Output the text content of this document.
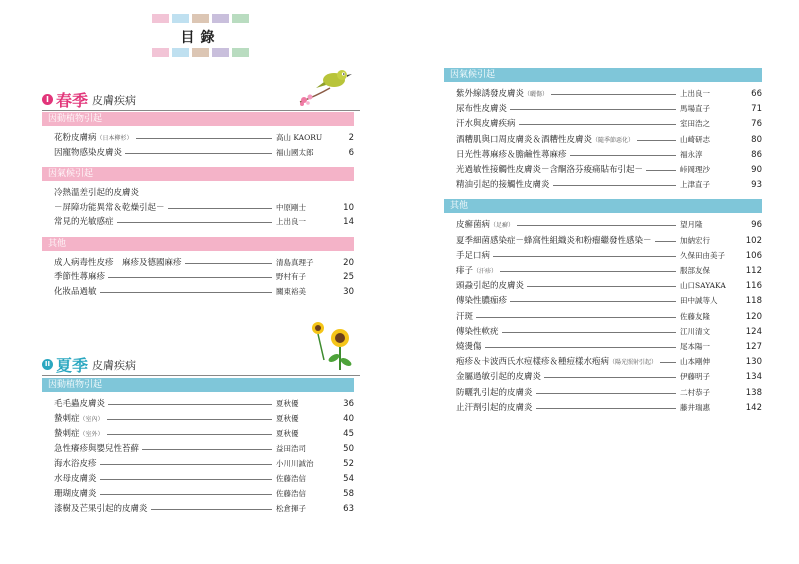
目錄
I 春季 皮膚疾病
II 夏季 皮膚疾病
因動植物引起
花粉皮膚病（日本柳杉）	高山 KAORU	2
因寵物感染皮膚炎	福山國太郎	6
因氣候引起
冷熱溫差引起的皮膚炎
－屏障功能異常＆乾燥引起－	中原剛士	10
常見的光敏感症	上出良一	14
其他
成人病毒性皮疹　麻疹及德國麻疹	清島真理子	20
季節性蕁麻疹	野村有子	25
化妝品過敏	關東裕美	30
因動植物引起
毛毛蟲皮膚炎	夏秋優	36
蟄刺症（室內）	夏秋優	40
蟄刺症（室外）	夏秋優	45
急性癢疹與嬰兒性苔蘚	益田浩司	50
海水浴皮疹	小川川誠治	52
水母皮膚炎	佐藤浩信	54
珊瑚皮膚炎	佐藤浩信	58
漆樹及芒果引起的皮膚炎	松倉揮子	63
因氣候引起
紫外線誘發皮膚炎（曬傷）	上出良一	66
尿布性皮膚炎	馬場直子	71
汗水與皮膚疾病	室田浩之	76
酒糟肌與口周皮膚炎＆酒糟性皮膚炎（隨季節惡化）	山崎研志	80
日光性蕁麻疹＆膽鹼性蕁麻疹	福永淳	86
光過敏性接觸性皮膚炎－含酮洛芬痠痛貼布引起－	峠岡理沙	90
精油引起的接觸性皮膚炎	上津直子	93
其他
皮癬菌病（足癬）	望月隆	96
夏季細菌感染症－蜂窩性組織炎和粉瘤繼發性感染－	加納宏行	102
手足口病	久保田由美子	106
痱子（汗疹）	服部友保	112
頭蝨引起的皮膚炎	山口SAYAKA	116
傳染性膿痂疹	田中誠等人	118
汗斑	佐藤友隆	120
傳染性軟疣	江川清文	124
燒燙傷	尾本陽一	127
疱疹＆卡波西氏水痘樣疹＆種痘樣水疱病（陽光照射引起）	山本剛伸	130
金屬過敏引起的皮膚炎	伊藤明子	134
防曬乳引起的皮膚炎	二村恭子	138
止汗劑引起的皮膚炎	藤井瑞惠	142
